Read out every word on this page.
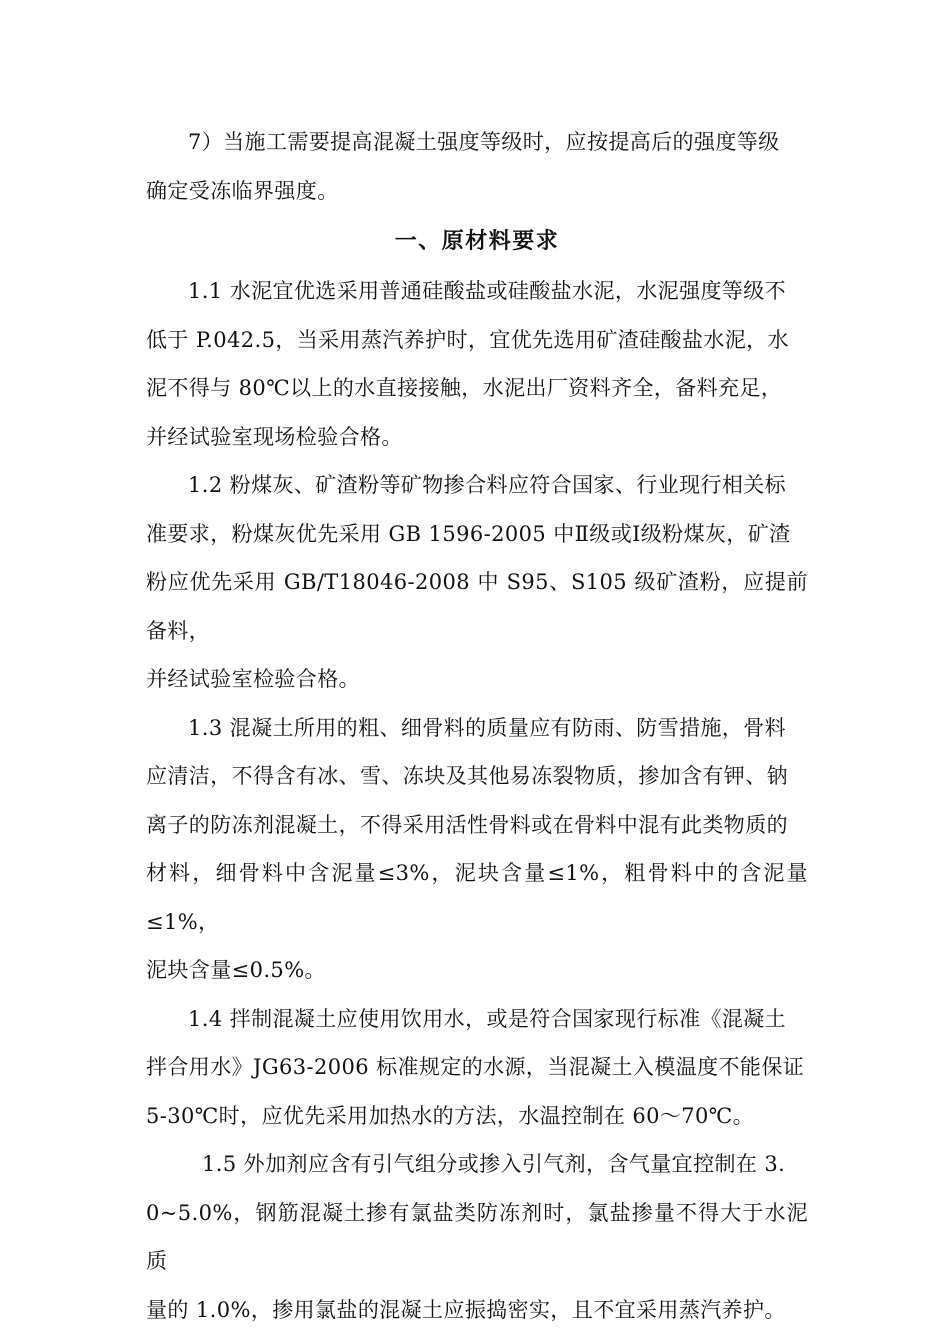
7）当施工需要提高混凝土强度等级时，应按提高后的强度等级
确定受冻临界强度。

一、原材料要求

1.1 水泥宜优选采用普通硅酸盐或硅酸盐水泥，水泥强度等级不
低于 P.042.5，当采用蒸汽养护时，宜优先选用矿渣硅酸盐水泥，水
泥不得与 80℃以上的水直接接触，水泥出厂资料齐全，备料充足，
并经试验室现场检验合格。

1.2 粉煤灰、矿渣粉等矿物掺合料应符合国家、行业现行相关标
准要求，粉煤灰优先采用 GB 1596-2005 中Ⅱ级或Ⅰ级粉煤灰，矿渣
粉应优先采用 GB/T18046-2008 中 S95、S105 级矿渣粉，应提前备料，
并经试验室检验合格。

1.3 混凝土所用的粗、细骨料的质量应有防雨、防雪措施，骨料
应清洁，不得含有冰、雪、冻块及其他易冻裂物质，掺加含有钾、钠
离子的防冻剂混凝土，不得采用活性骨料或在骨料中混有此类物质的
材料，细骨料中含泥量≤3%，泥块含量≤1%，粗骨料中的含泥量≤1%，
泥块含量≤0.5%。

1.4 拌制混凝土应使用饮用水，或是符合国家现行标准《混凝土
拌合用水》JG63-2006 标准规定的水源，当混凝土入模温度不能保证
5-30℃时，应优先采用加热水的方法，水温控制在 60～70℃。

1.5 外加剂应含有引气组分或掺入引气剂，含气量宜控制在 3.
0~5.0%，钢筋混凝土掺有氯盐类防冻剂时，氯盐掺量不得大于水泥质
量的 1.0%，掺用氯盐的混凝土应振捣密实，且不宜采用蒸汽养护。
